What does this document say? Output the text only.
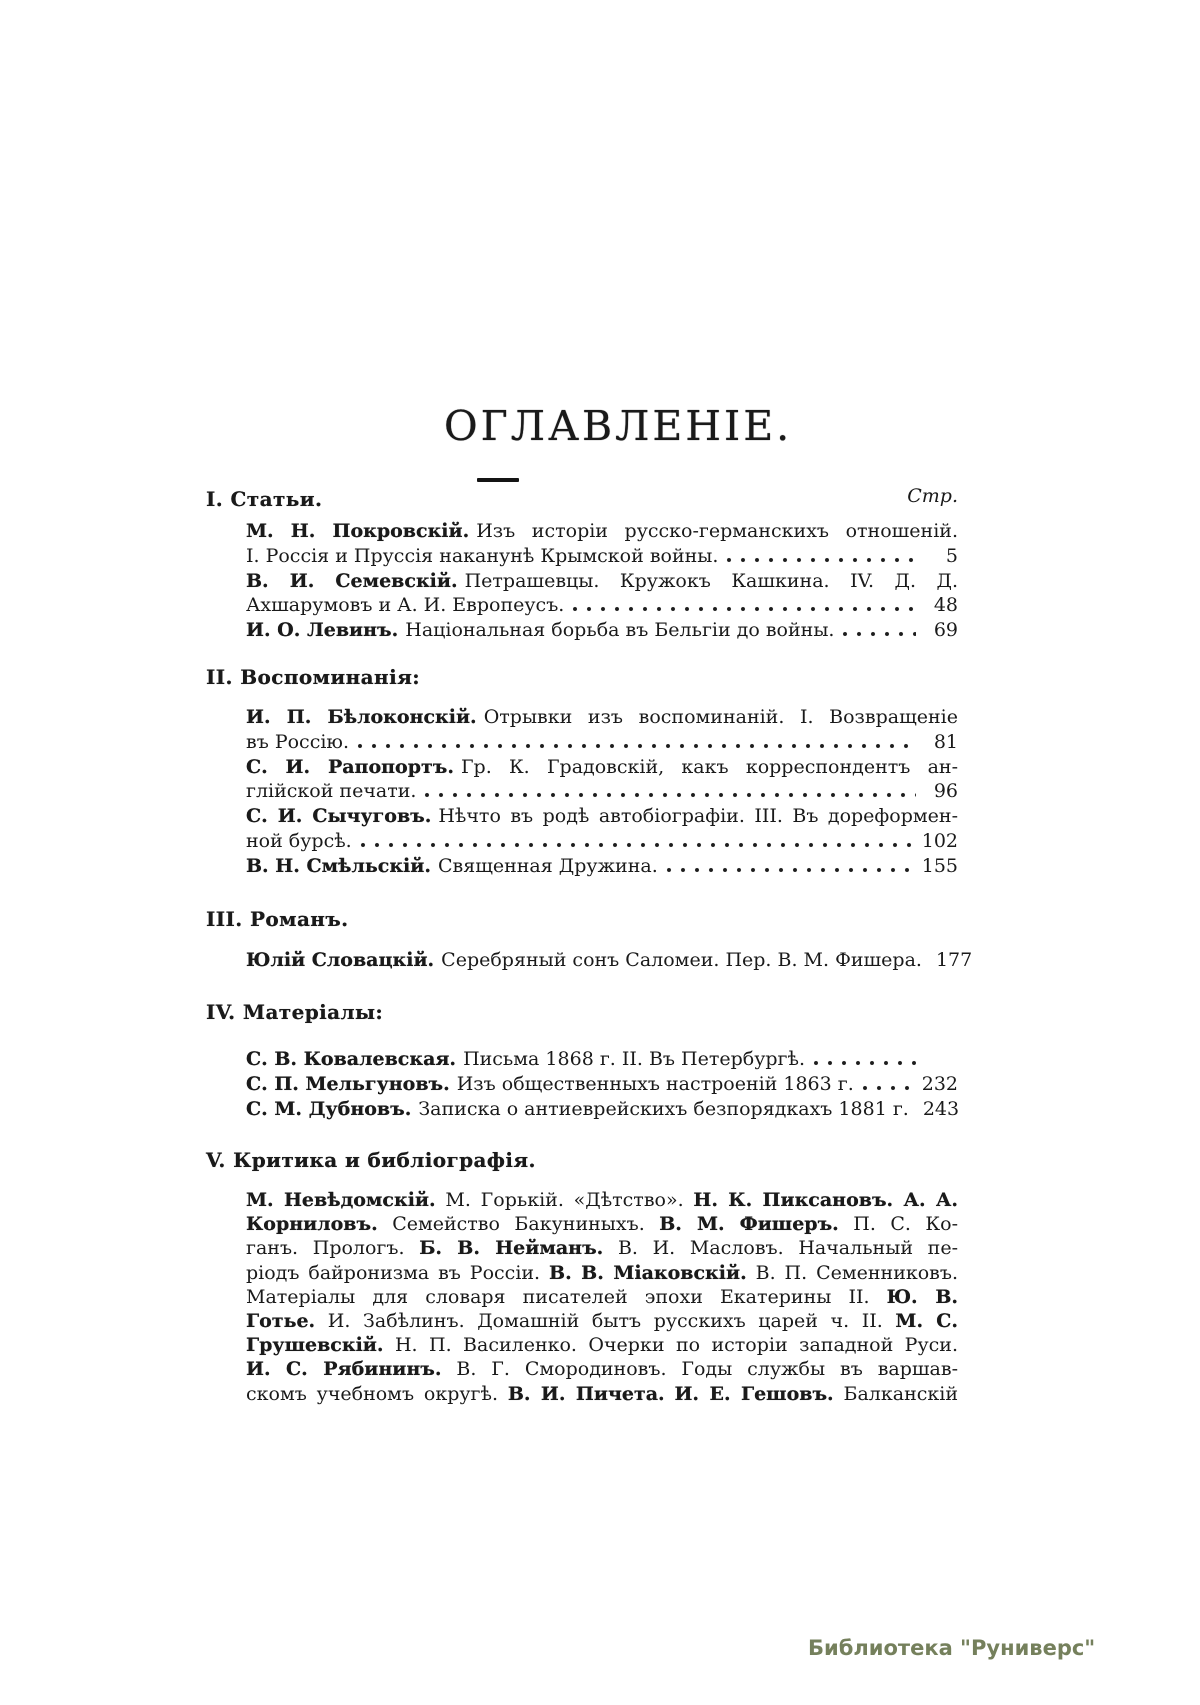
ОГЛАВЛЕНІЕ.
Стр.
I. Статьи.
М. Н. Покровскій. Изъ исторіи русско-германскихъ отношеній.
I. Россія и Пруссія наканунѣ Крымской войны.	5
В. И. Семевскій. Петрашевцы. Кружокъ Кашкина. IV. Д. Д.
Ахшарумовъ и А. И. Европеусъ.	48
И. О. Левинъ. Національная борьба въ Бельгіи до войны.	69
II. Воспоминанія:
И. П. Бѣлоконскій. Отрывки изъ воспоминаній. I. Возвращеніе
въ Россію.	81
С. И. Рапопортъ. Гр. К. Градовскій, какъ корреспондентъ ан-
глійской печати.	96
С. И. Сычуговъ. Нѣчто въ родѣ автобіографіи. III. Въ дореформен-
ной бурсѣ.	102
В. Н. Смѣльскій. Священная Дружина.	155
III. Романъ.
Юлій Словацкій. Серебряный сонъ Саломеи. Пер. В. М. Фишера. 177
IV. Матеріалы:
С. В. Ковалевская. Письма 1868 г. II. Въ Петербургѣ.
С. П. Мельгуновъ. Изъ общественныхъ настроеній 1863 г.	232
С. М. Дубновъ. Записка о антиеврейскихъ безпорядкахъ 1881 г. 243
V. Критика и библіографія.
М. Невѣдомскій. М. Горькій. «Дѣтство». Н. К. Пиксановъ. А. А.
Корниловъ. Семейство Бакуниныхъ. В. М. Фишеръ. П. С. Ко-
ганъ. Прологъ. Б. В. Нейманъ. В. И. Масловъ. Начальный пе-
ріодъ байронизма въ Россіи. В. В. Міаковскій. В. П. Семенниковъ.
Матеріалы для словаря писателей эпохи Екатерины II. Ю. В.
Готье. И. Забѣлинъ. Домашній бытъ русскихъ царей ч. II. М. С.
Грушевскій. Н. П. Василенко. Очерки по исторіи западной Руси.
И. С. Рябининъ. В. Г. Смородиновъ. Годы службы въ варшав-
скомъ учебномъ округѣ. В. И. Пичета. И. Е. Гешовъ. Балканскій
Библиотека "Руниверс"
